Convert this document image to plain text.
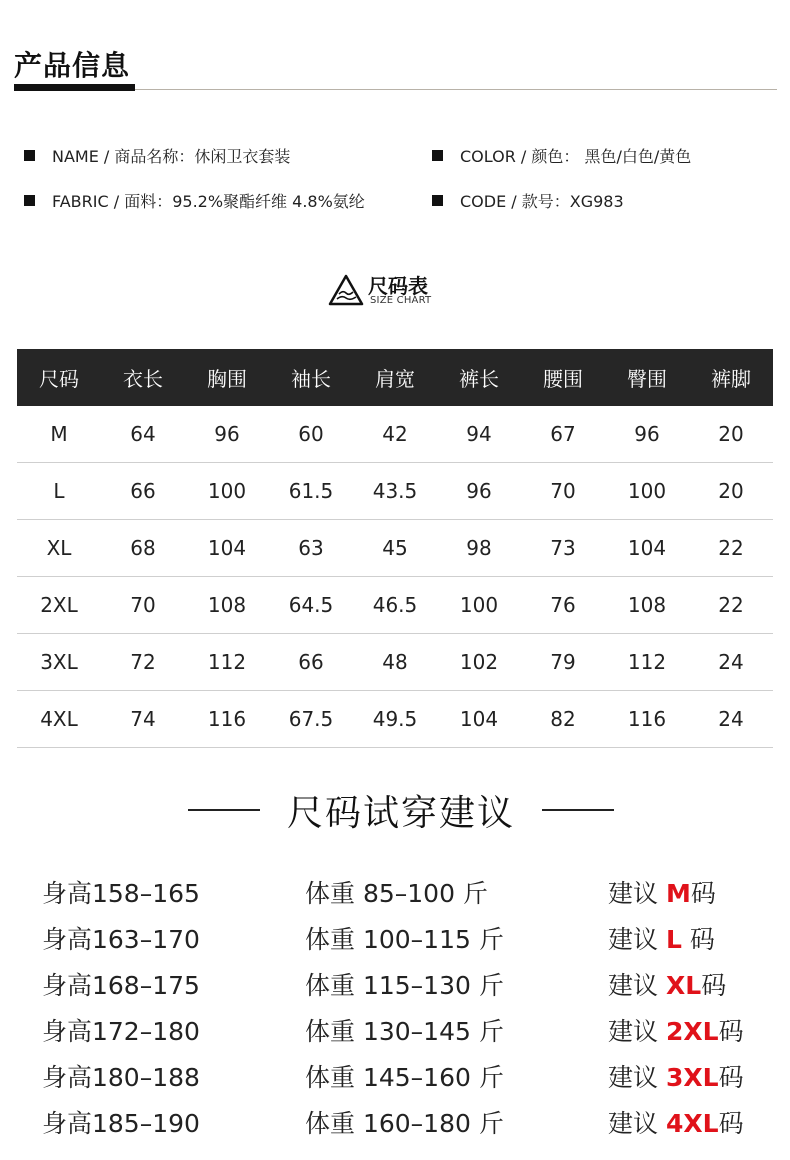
产品信息
NAME / 商品名称：休闲卫衣套装	COLOR / 颜色： 黑色/白色/黄色
FABRIC / 面料：95.2%聚酯纤维 4.8%氨纶	CODE / 款号：XG983
尺码表
SIZE CHART
尺码	衣长	胸围	袖长	肩宽	裤长	腰围	臀围	裤脚
M	64	96	60	42	94	67	96	20
L	66	100	61.5	43.5	96	70	100	20
XL	68	104	63	45	98	73	104	22
2XL	70	108	64.5	46.5	100	76	108	22
3XL	72	112	66	48	102	79	112	24
4XL	74	116	67.5	49.5	104	82	116	24
尺码试穿建议
身高158–165	体重 85–100 斤	建议 M码
身高163–170	体重 100–115 斤	建议 L 码
身高168–175	体重 115–130 斤	建议 XL码
身高172–180	体重 130–145 斤	建议 2XL码
身高180–188	体重 145–160 斤	建议 3XL码
身高185–190	体重 160–180 斤	建议 4XL码
